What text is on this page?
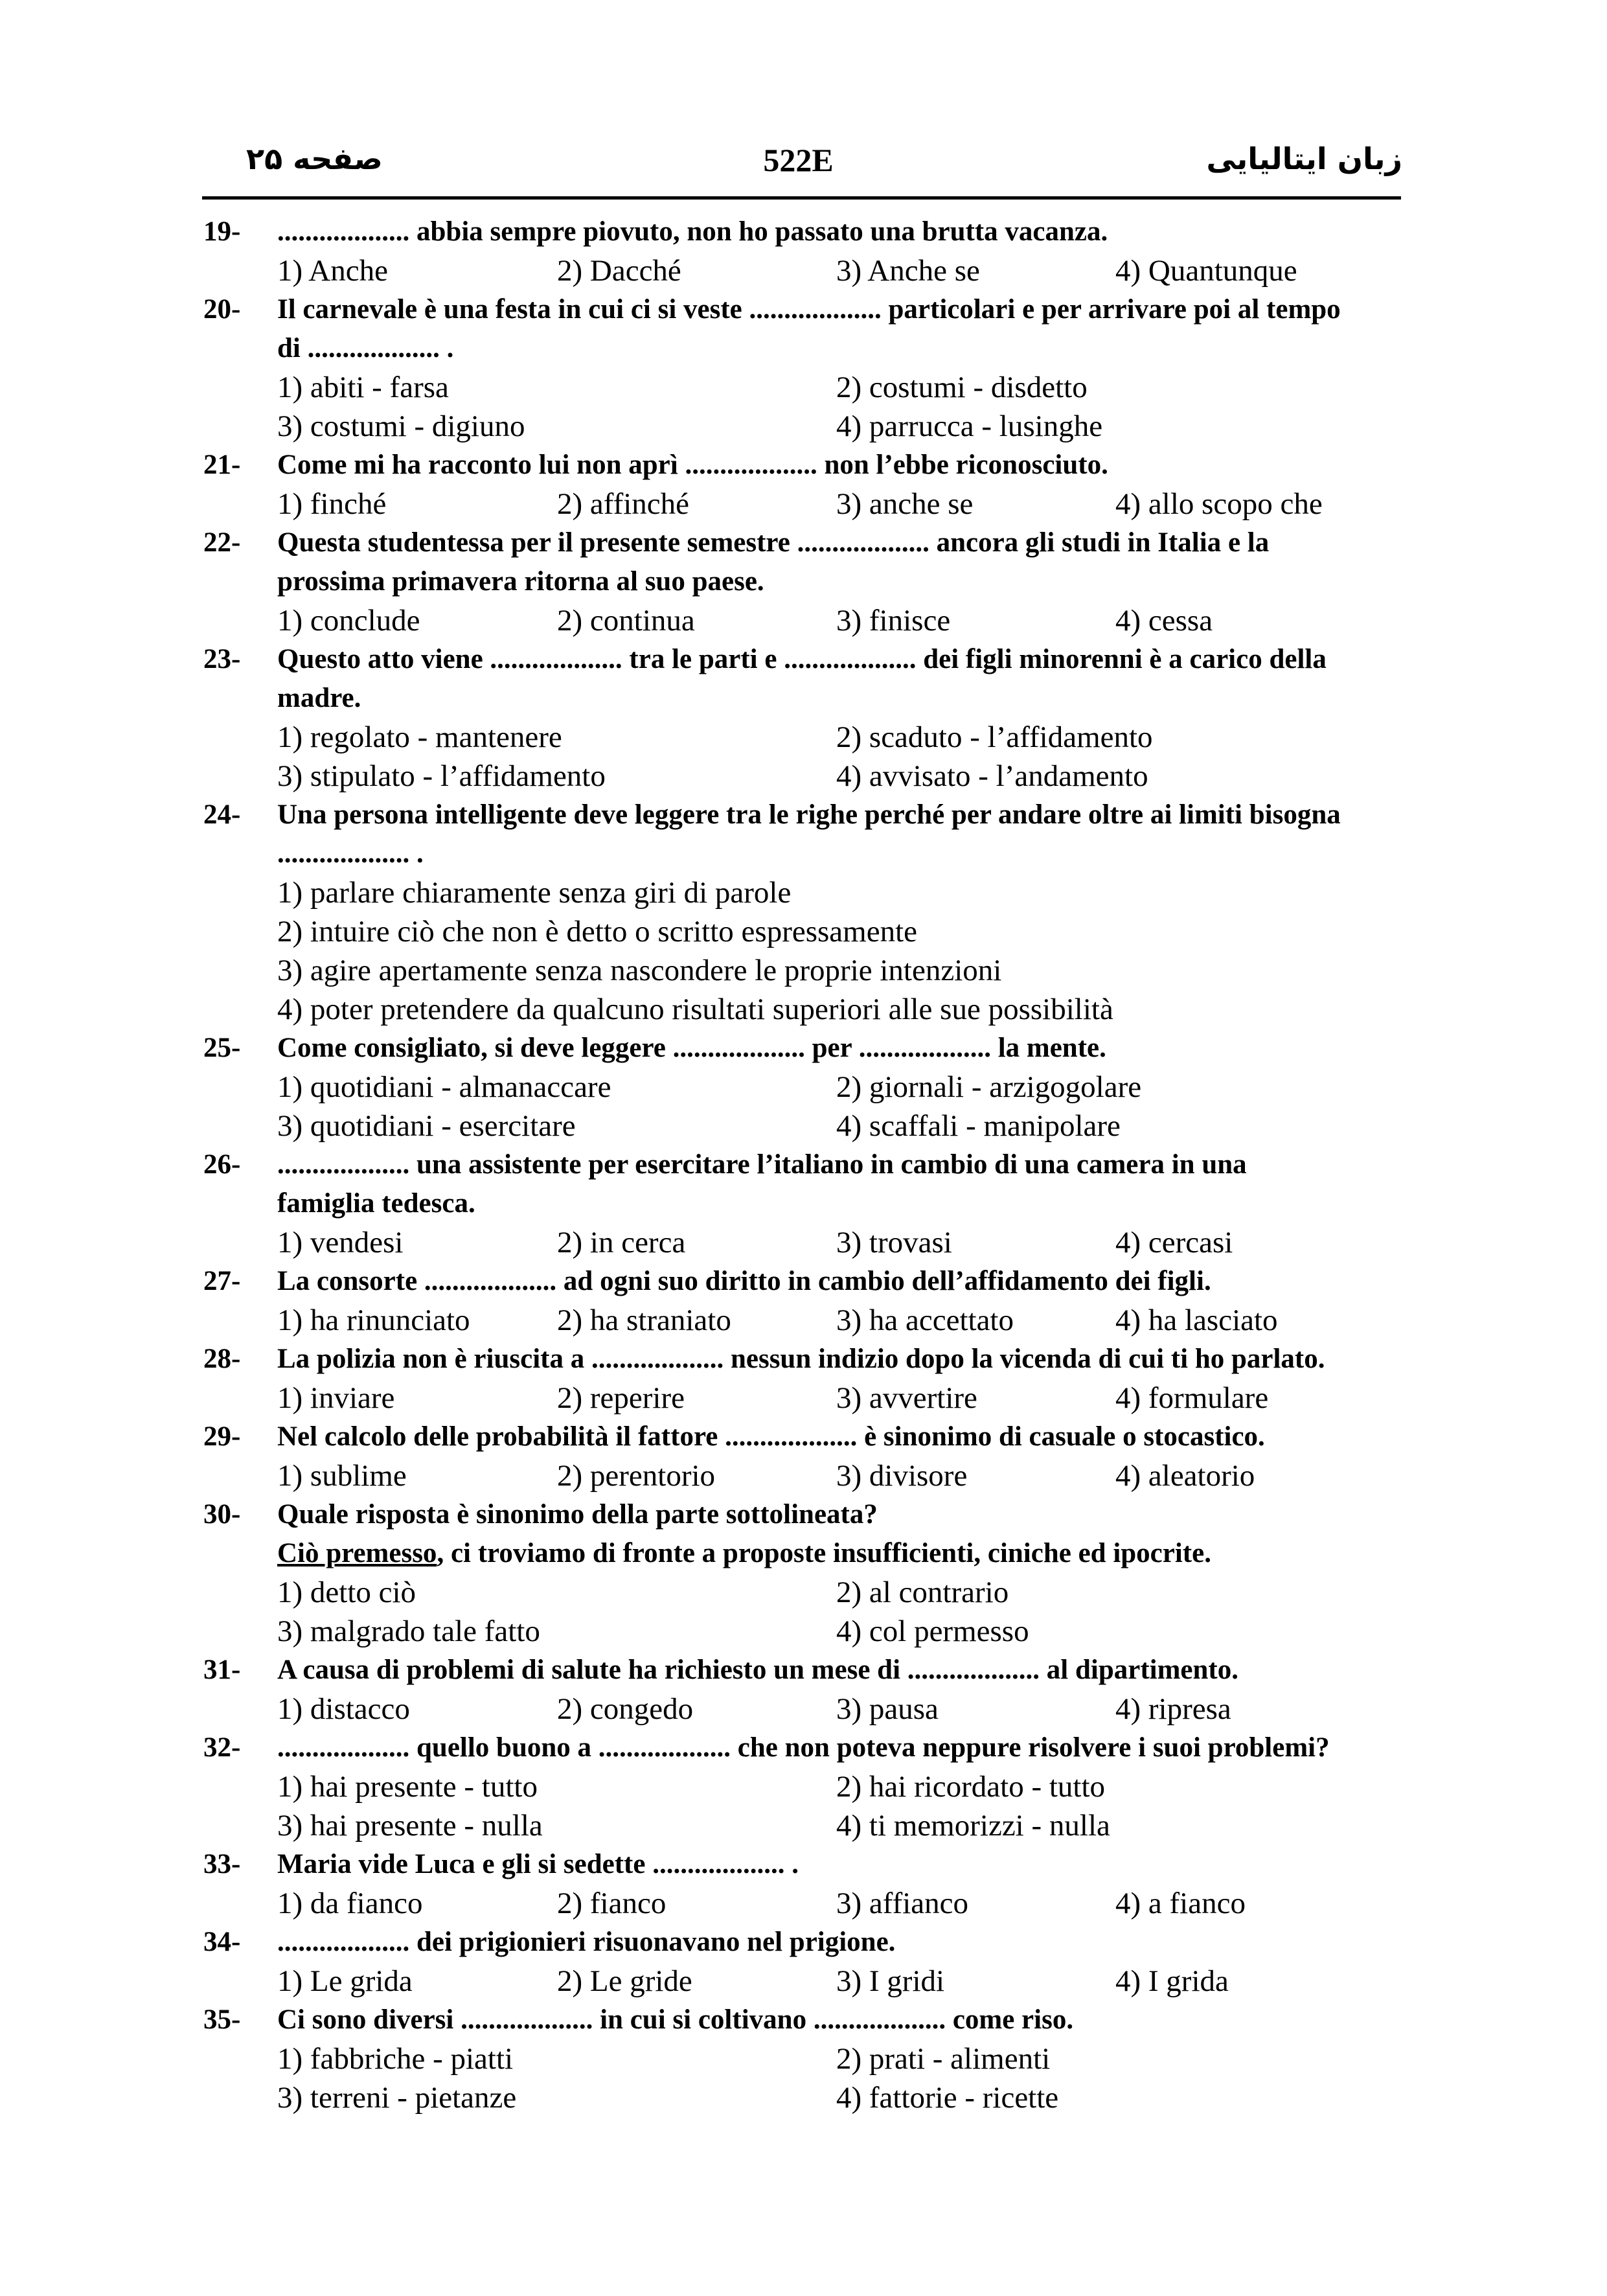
صفحه ۲۵	522E	زبان ایتالیایی
19- ................... abbia sempre piovuto, non ho passato una brutta vacanza.
1) Anche	2) Dacché	3) Anche se	4) Quantunque
20- Il carnevale è una festa in cui ci si veste ................... particolari e per arrivare poi al tempo
di ................... .
1) abiti - farsa	2) costumi - disdetto
3) costumi - digiuno	4) parrucca - lusinghe
21- Come mi ha racconto lui non aprì ................... non l’ebbe riconosciuto.
1) finché	2) affinché	3) anche se	4) allo scopo che
22- Questa studentessa per il presente semestre ................... ancora gli studi in Italia e la
prossima primavera ritorna al suo paese.
1) conclude	2) continua	3) finisce	4) cessa
23- Questo atto viene ................... tra le parti e ................... dei figli minorenni è a carico della
madre.
1) regolato - mantenere	2) scaduto - l’affidamento
3) stipulato - l’affidamento	4) avvisato - l’andamento
24- Una persona intelligente deve leggere tra le righe perché per andare oltre ai limiti bisogna
................... .
1) parlare chiaramente senza giri di parole
2) intuire ciò che non è detto o scritto espressamente
3) agire apertamente senza nascondere le proprie intenzioni
4) poter pretendere da qualcuno risultati superiori alle sue possibilità
25- Come consigliato, si deve leggere ................... per ................... la mente.
1) quotidiani - almanaccare	2) giornali - arzigogolare
3) quotidiani - esercitare	4) scaffali - manipolare
26- ................... una assistente per esercitare l’italiano in cambio di una camera in una
famiglia tedesca.
1) vendesi	2) in cerca	3) trovasi	4) cercasi
27- La consorte ................... ad ogni suo diritto in cambio dell’affidamento dei figli.
1) ha rinunciato	2) ha straniato	3) ha accettato	4) ha lasciato
28- La polizia non è riuscita a ................... nessun indizio dopo la vicenda di cui ti ho parlato.
1) inviare	2) reperire	3) avvertire	4) formulare
29- Nel calcolo delle probabilità il fattore ................... è sinonimo di casuale o stocastico.
1) sublime	2) perentorio	3) divisore	4) aleatorio
30- Quale risposta è sinonimo della parte sottolineata?
Ciò premesso, ci troviamo di fronte a proposte insufficienti, ciniche ed ipocrite.
1) detto ciò	2) al contrario
3) malgrado tale fatto	4) col permesso
31- A causa di problemi di salute ha richiesto un mese di ................... al dipartimento.
1) distacco	2) congedo	3) pausa	4) ripresa
32- ................... quello buono a ................... che non poteva neppure risolvere i suoi problemi?
1) hai presente - tutto	2) hai ricordato - tutto
3) hai presente - nulla	4) ti memorizzi - nulla
33- Maria vide Luca e gli si sedette ................... .
1) da fianco	2) fianco	3) affianco	4) a fianco
34- ................... dei prigionieri risuonavano nel prigione.
1) Le grida	2) Le gride	3) I gridi	4) I grida
35- Ci sono diversi ................... in cui si coltivano ................... come riso.
1) fabbriche - piatti	2) prati - alimenti
3) terreni - pietanze	4) fattorie - ricette
